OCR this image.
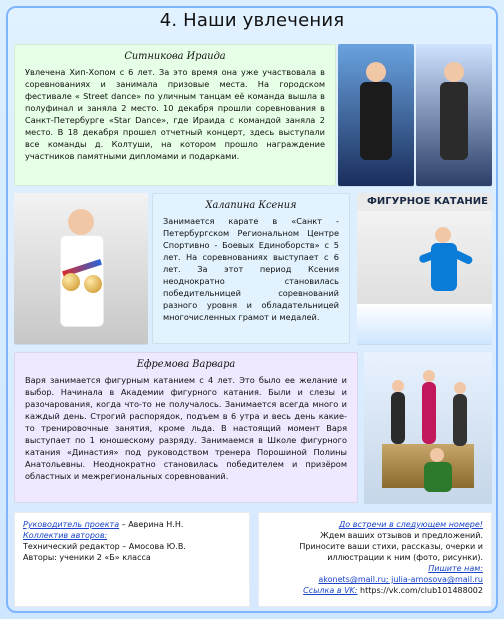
4. Наши увлечения
Ситникова Ираида
Увлечена Хип-Хопом с 6 лет. За это время она уже участвовала в соревнованиях и занимала призовые места. На городском фестивале « Street dance» по уличным танцам её команда вышла в полуфинал и заняла 2 место. 10 декабря прошли соревнования в Санкт-Петербурге «Star Dance», где Ираида с командой заняла 2 место. В 18 декабря прошел отчетный концерт, здесь выступали все команды д. Колтуши, на котором прошло награждение участников памятными дипломами и подарками.
Халапина Ксения
Занимается карате в «Санкт - Петербургском Региональном Центре Спортивно - Боевых Единоборств» с 5 лет. На соревнованиях выступает с 6 лет. За этот период Ксения неоднократно становилась победительницей соревнований разного уровня и обладательницей многочисленных грамот и медалей.
ФИГУРНОЕ КАТАНИЕ
Ефремова Варвара
Варя занимается фигурным катанием с 4 лет. Это было ее желание и выбор. Начинала в Академии фигурного катания. Были и слезы и разочарования, когда что-то не получалось. Занимается всегда много и каждый день. Строгий распорядок, подъем в 6 утра и весь день какие-то тренировочные занятия, кроме льда. В настоящий момент Варя выступает по 1 юношескому разряду. Занимаемся в Школе фигурного катания «Династия» под руководством тренера Порошиной Полины Анатольевны. Неоднократно становилась победителем и призёром областных и межрегиональных соревнований.

Руководитель проекта – Аверина Н.Н.

Коллектив авторов:

Технический редактор – Амосова Ю.В.

Авторы: ученики 2 «Б» класса

До встречи в следующем номере!

Ждем ваших отзывов и предложений.

Приносите ваши стихи, рассказы, очерки и

иллюстрации к ним (фото, рисунки).

Пишите нам:

akonets@mail.ru; julia-amosova@mail.ru

Ссылка в VK: https://vk.com/club101488002
